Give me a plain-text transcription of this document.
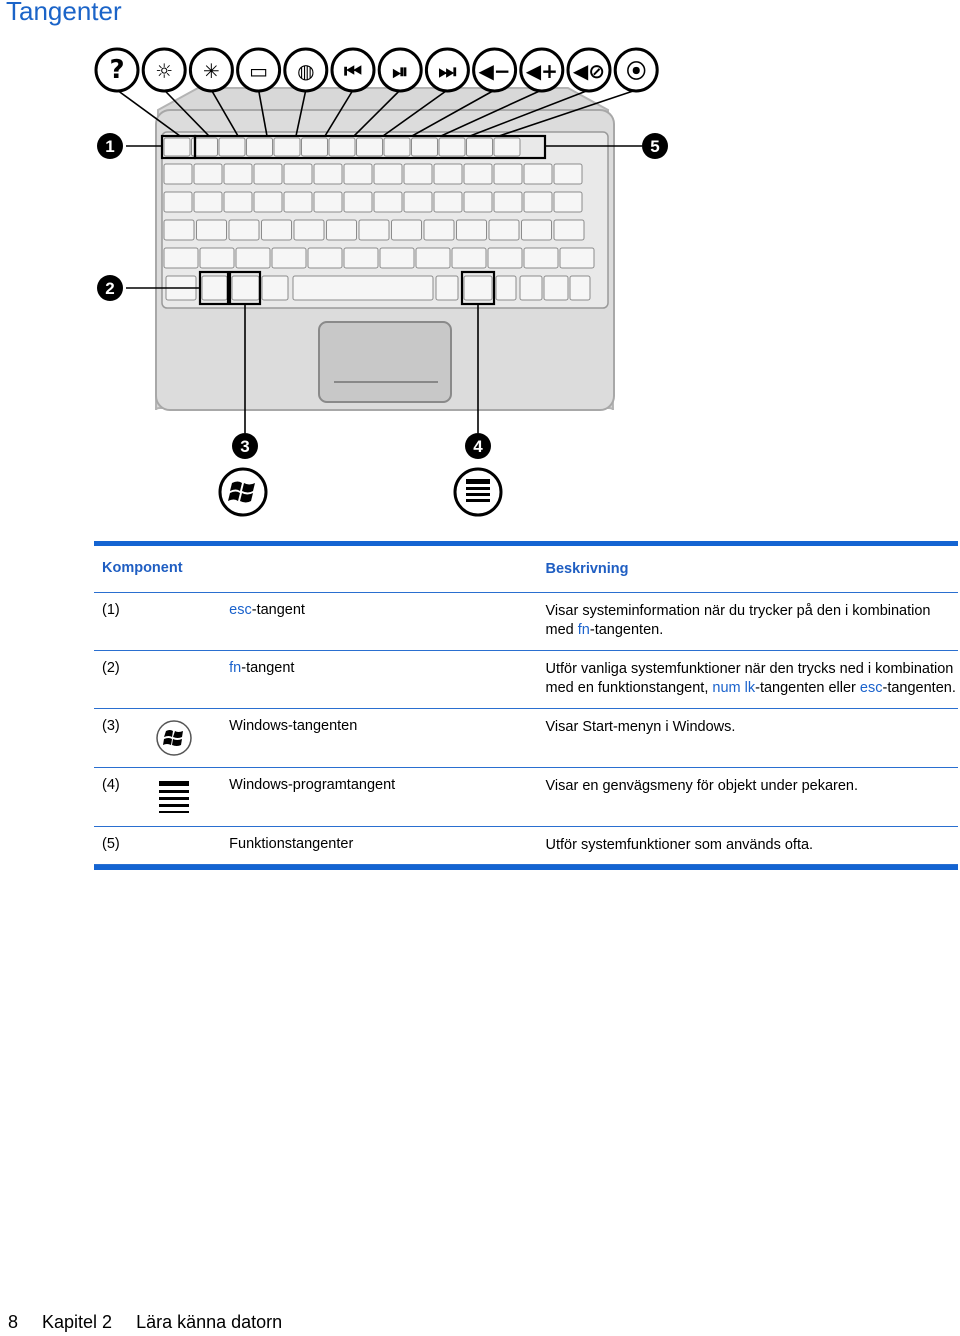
Tangenter
? ☼ ✳ ▭ ◍ ⏮ ⏯ ⏭ ◀− ◀+ ◀⊘ ⦿
1
2
3	4
5

Komponent		Beskrivning

(1)	esc-tangent	Visar systeminformation när du trycker på den i kombination med fn-tangenten.

(2)	fn-tangent	Utför vanliga systemfunktioner när den trycks ned i kombination med en funktionstangent, num lk-tangenten eller esc-tangenten.

(3)	Windows-tangenten	Visar Start-menyn i Windows.

(4)	Windows-programtangent	Visar en genvägsmeny för objekt under pekaren.

(5)	Funktionstangenter	Utför systemfunktioner som används ofta.

8 Kapitel 2 Lära känna datorn
